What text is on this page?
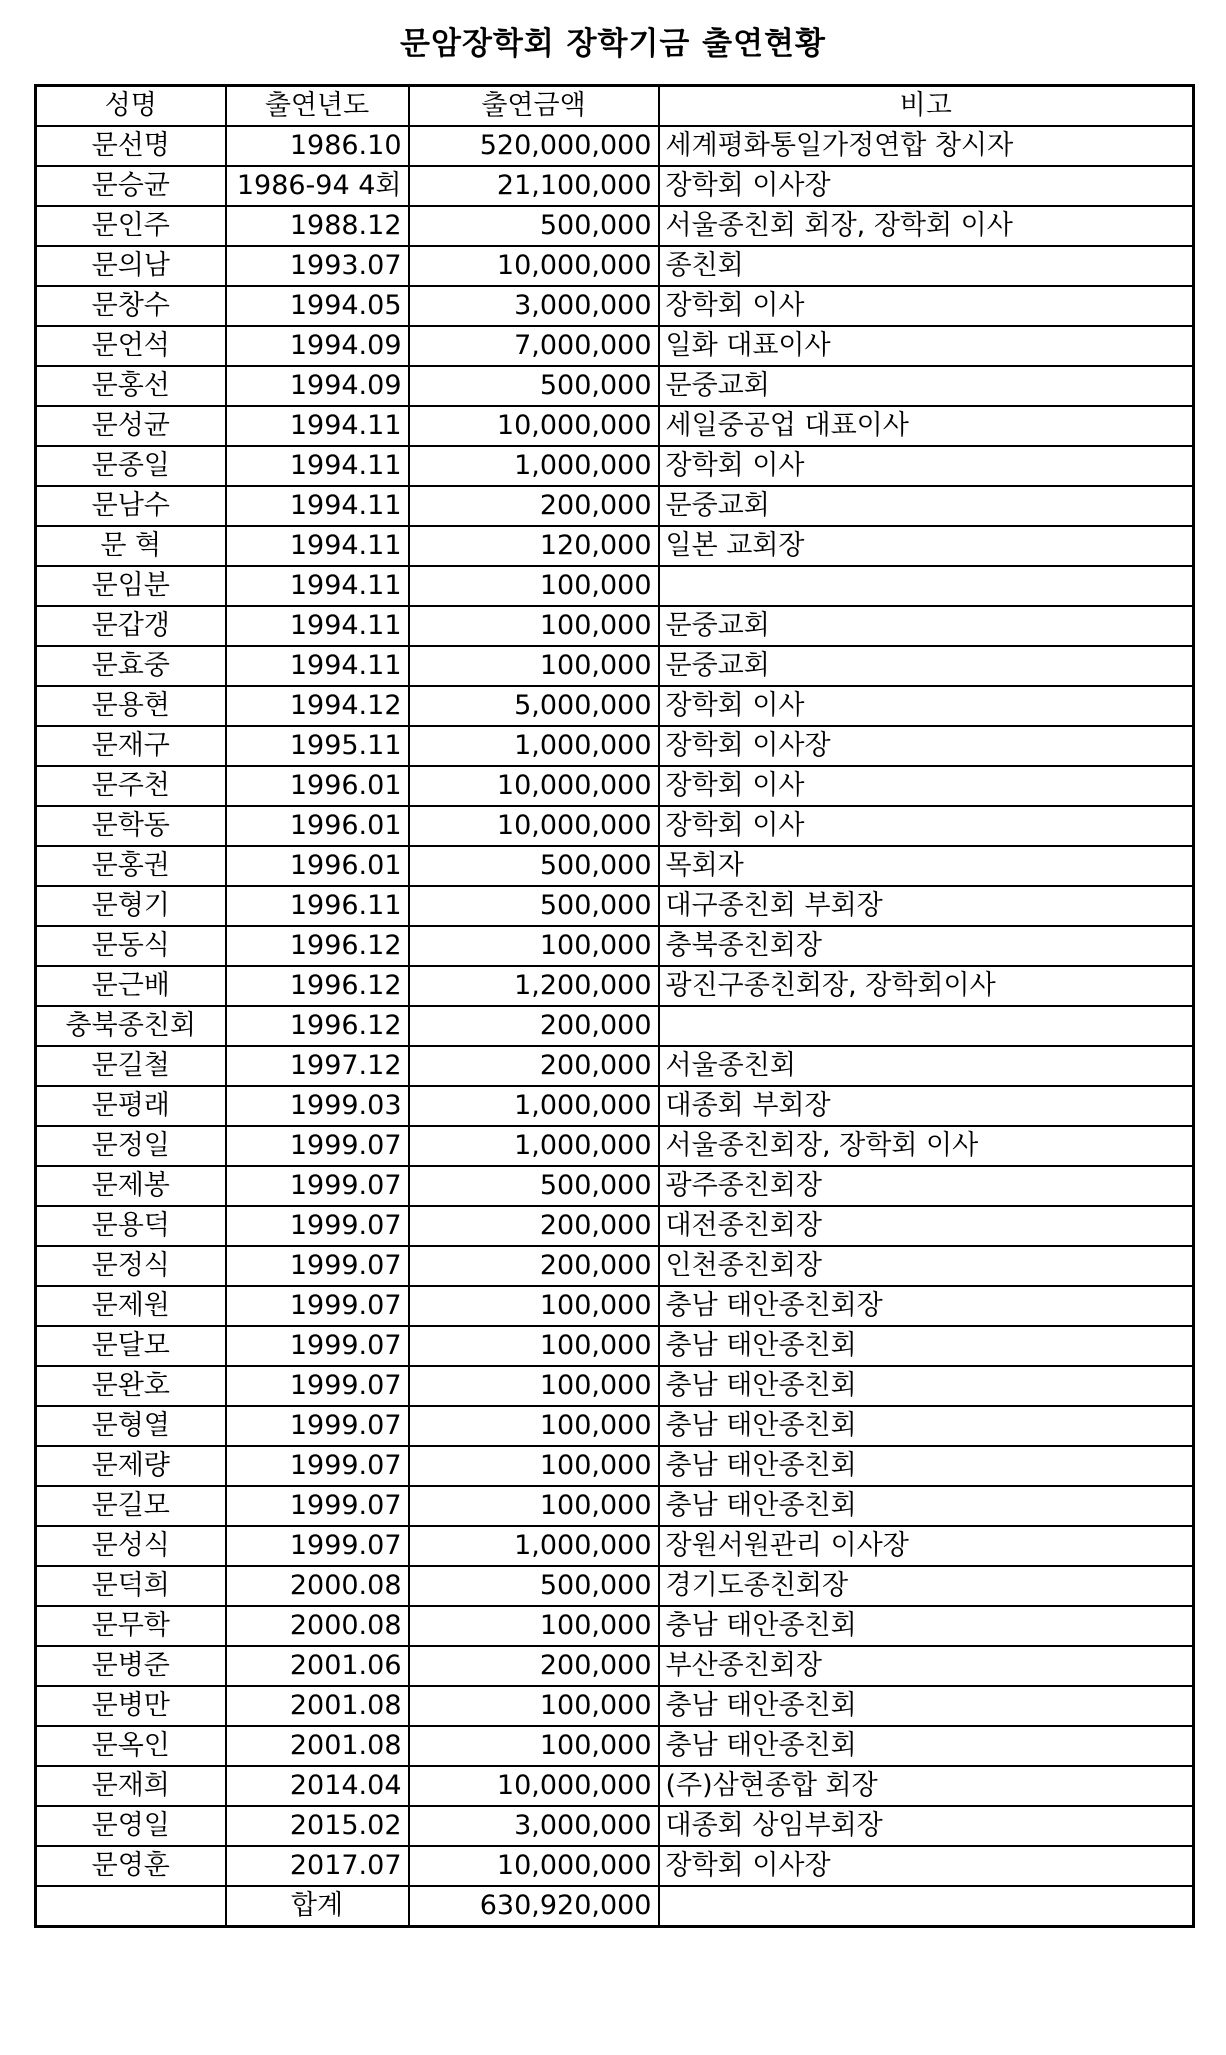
문암장학회 장학기금 출연현황
성명	출연년도	출연금액	비고
문선명	1986.10	520,000,000	세계평화통일가정연합 창시자
문승균	1986-94 4회	21,100,000	장학회 이사장
문인주	1988.12	500,000	서울종친회 회장, 장학회 이사
문의남	1993.07	10,000,000	종친회
문창수	1994.05	3,000,000	장학회 이사
문언석	1994.09	7,000,000	일화 대표이사
문홍선	1994.09	500,000	문중교회
문성균	1994.11	10,000,000	세일중공업 대표이사
문종일	1994.11	1,000,000	장학회 이사
문남수	1994.11	200,000	문중교회
문 혁	1994.11	120,000	일본 교회장
문임분	1994.11	100,000	
문갑갱	1994.11	100,000	문중교회
문효중	1994.11	100,000	문중교회
문용현	1994.12	5,000,000	장학회 이사
문재구	1995.11	1,000,000	장학회 이사장
문주천	1996.01	10,000,000	장학회 이사
문학동	1996.01	10,000,000	장학회 이사
문홍권	1996.01	500,000	목회자
문형기	1996.11	500,000	대구종친회 부회장
문동식	1996.12	100,000	충북종친회장
문근배	1996.12	1,200,000	광진구종친회장, 장학회이사
충북종친회	1996.12	200,000	
문길철	1997.12	200,000	서울종친회
문평래	1999.03	1,000,000	대종회 부회장
문정일	1999.07	1,000,000	서울종친회장, 장학회 이사
문제봉	1999.07	500,000	광주종친회장
문용덕	1999.07	200,000	대전종친회장
문정식	1999.07	200,000	인천종친회장
문제원	1999.07	100,000	충남 태안종친회장
문달모	1999.07	100,000	충남 태안종친회
문완호	1999.07	100,000	충남 태안종친회
문형열	1999.07	100,000	충남 태안종친회
문제량	1999.07	100,000	충남 태안종친회
문길모	1999.07	100,000	충남 태안종친회
문성식	1999.07	1,000,000	장원서원관리 이사장
문덕희	2000.08	500,000	경기도종친회장
문무학	2000.08	100,000	충남 태안종친회
문병준	2001.06	200,000	부산종친회장
문병만	2001.08	100,000	충남 태안종친회
문옥인	2001.08	100,000	충남 태안종친회
문재희	2014.04	10,000,000	(주)삼현종합 회장
문영일	2015.02	3,000,000	대종회 상임부회장
문영훈	2017.07	10,000,000	장학회 이사장
	합계	630,920,000	
